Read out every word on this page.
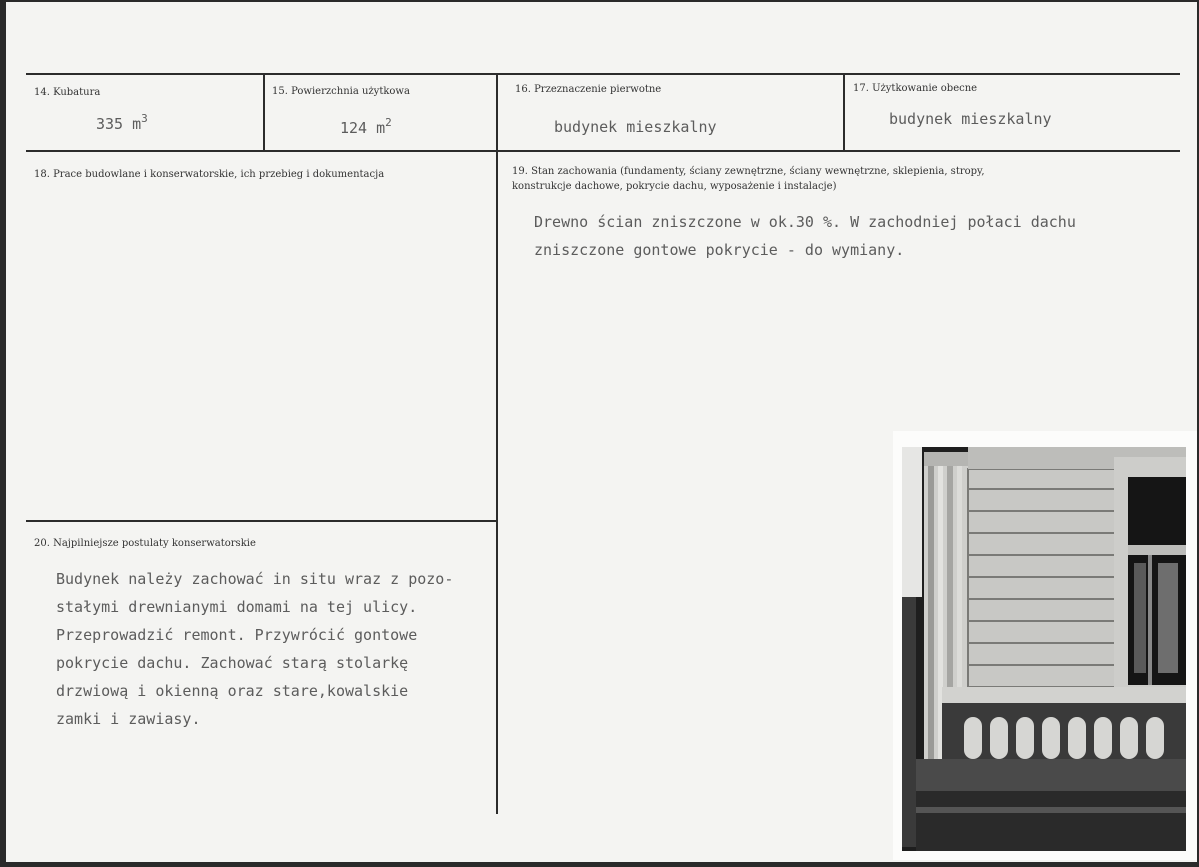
14. Kubatura
335 $m^3$
15. Powierzchnia użytkowa
124 $m^2$
16. Przeznaczenie pierwotne
budynek mieszkalny
17. Użytkowanie obecne
budynek mieszkalny
18. Prace budowlane i konserwatorskie, ich przebieg i dokumentacja	19. Stan zachowania (fundamenty, ściany zewnętrzne, ściany wewnętrzne, sklepienia, stropy,
konstrukcje dachowe, pokrycie dachu, wyposażenie i instalacje)
Drewno ścian zniszczone w ok.30 %. W zachodniej połaci dachu
zniszczone gontowe pokrycie - do wymiany.
20. Najpilniejsze postulaty konserwatorskie
Budynek należy zachować in situ wraz z pozo-
stałymi drewnianymi domami na tej ulicy.
Przeprowadzić remont. Przywrócić gontowe
pokrycie dachu. Zachować starą stolarkę
drzwiową i okienną oraz stare,kowalskie
zamki i zawiasy.
